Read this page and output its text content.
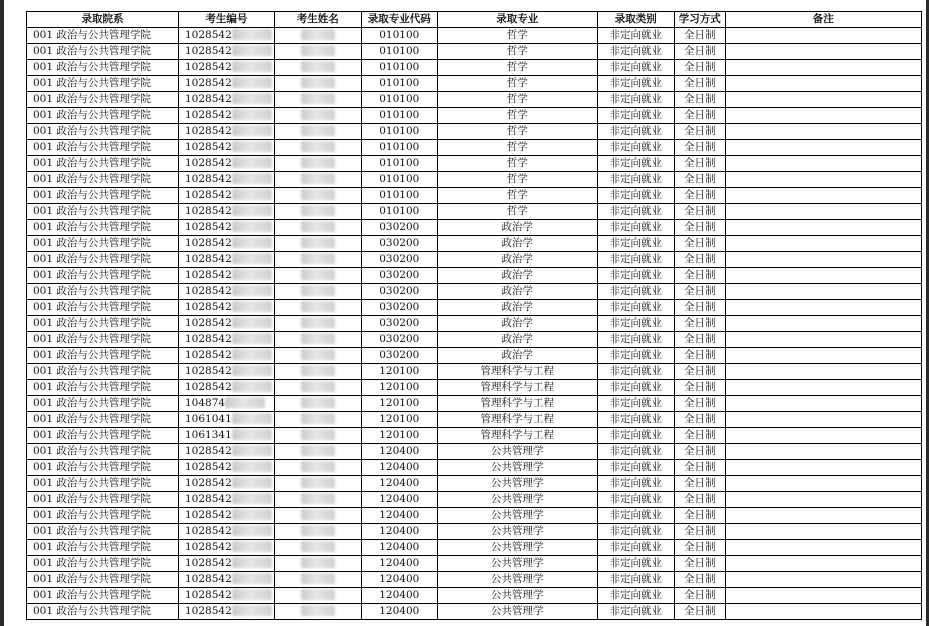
录取院系	考生编号	考生姓名	录取专业代码	录取专业	录取类别	学习方式	备注
001 政治与公共管理学院	1028542		010100	哲学	非定向就业	全日制	
001 政治与公共管理学院	1028542		010100	哲学	非定向就业	全日制	
001 政治与公共管理学院	1028542		010100	哲学	非定向就业	全日制	
001 政治与公共管理学院	1028542		010100	哲学	非定向就业	全日制	
001 政治与公共管理学院	1028542		010100	哲学	非定向就业	全日制	
001 政治与公共管理学院	1028542		010100	哲学	非定向就业	全日制	
001 政治与公共管理学院	1028542		010100	哲学	非定向就业	全日制	
001 政治与公共管理学院	1028542		010100	哲学	非定向就业	全日制	
001 政治与公共管理学院	1028542		010100	哲学	非定向就业	全日制	
001 政治与公共管理学院	1028542		010100	哲学	非定向就业	全日制	
001 政治与公共管理学院	1028542		010100	哲学	非定向就业	全日制	
001 政治与公共管理学院	1028542		010100	哲学	非定向就业	全日制	
001 政治与公共管理学院	1028542		030200	政治学	非定向就业	全日制	
001 政治与公共管理学院	1028542		030200	政治学	非定向就业	全日制	
001 政治与公共管理学院	1028542		030200	政治学	非定向就业	全日制	
001 政治与公共管理学院	1028542		030200	政治学	非定向就业	全日制	
001 政治与公共管理学院	1028542		030200	政治学	非定向就业	全日制	
001 政治与公共管理学院	1028542		030200	政治学	非定向就业	全日制	
001 政治与公共管理学院	1028542		030200	政治学	非定向就业	全日制	
001 政治与公共管理学院	1028542		030200	政治学	非定向就业	全日制	
001 政治与公共管理学院	1028542		030200	政治学	非定向就业	全日制	
001 政治与公共管理学院	1028542		120100	管理科学与工程	非定向就业	全日制	
001 政治与公共管理学院	1028542		120100	管理科学与工程	非定向就业	全日制	
001 政治与公共管理学院	104874		120100	管理科学与工程	非定向就业	全日制	
001 政治与公共管理学院	1061041		120100	管理科学与工程	非定向就业	全日制	
001 政治与公共管理学院	1061341		120100	管理科学与工程	非定向就业	全日制	
001 政治与公共管理学院	1028542		120400	公共管理学	非定向就业	全日制	
001 政治与公共管理学院	1028542		120400	公共管理学	非定向就业	全日制	
001 政治与公共管理学院	1028542		120400	公共管理学	非定向就业	全日制	
001 政治与公共管理学院	1028542		120400	公共管理学	非定向就业	全日制	
001 政治与公共管理学院	1028542		120400	公共管理学	非定向就业	全日制	
001 政治与公共管理学院	1028542		120400	公共管理学	非定向就业	全日制	
001 政治与公共管理学院	1028542		120400	公共管理学	非定向就业	全日制	
001 政治与公共管理学院	1028542		120400	公共管理学	非定向就业	全日制	
001 政治与公共管理学院	1028542		120400	公共管理学	非定向就业	全日制	
001 政治与公共管理学院	1028542		120400	公共管理学	非定向就业	全日制	
001 政治与公共管理学院	1028542		120400	公共管理学	非定向就业	全日制	
